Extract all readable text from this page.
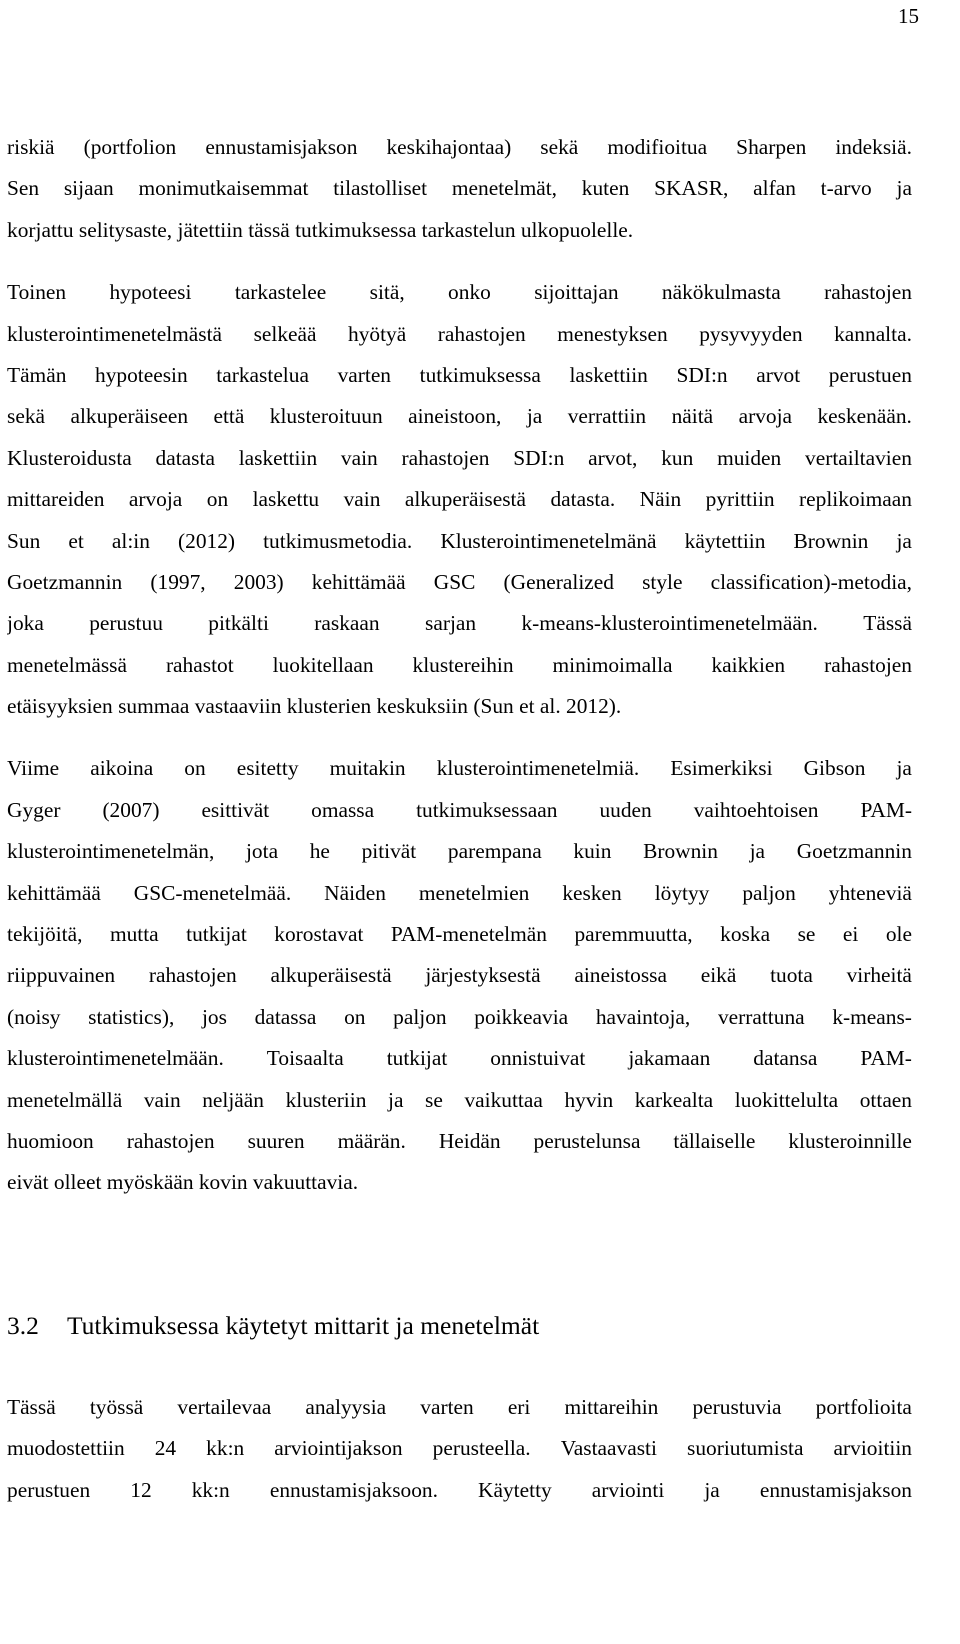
15
riskiä (portfolion ennustamisjakson keskihajontaa) sekä modifioitua Sharpen indeksiä.
Sen sijaan monimutkaisemmat tilastolliset menetelmät, kuten SKASR, alfan t-arvo ja
korjattu selitysaste, jätettiin tässä tutkimuksessa tarkastelun ulkopuolelle.
Toinen hypoteesi tarkastelee sitä, onko sijoittajan näkökulmasta rahastojen
klusterointimenetelmästä selkeää hyötyä rahastojen menestyksen pysyvyyden kannalta.
Tämän hypoteesin tarkastelua varten tutkimuksessa laskettiin SDI:n arvot perustuen
sekä alkuperäiseen että klusteroituun aineistoon, ja verrattiin näitä arvoja keskenään.
Klusteroidusta datasta laskettiin vain rahastojen SDI:n arvot, kun muiden vertailtavien
mittareiden arvoja on laskettu vain alkuperäisestä datasta. Näin pyrittiin replikoimaan
Sun et al:in (2012) tutkimusmetodia. Klusterointimenetelmänä käytettiin Brownin ja
Goetzmannin (1997, 2003) kehittämää GSC (Generalized style classification)-metodia,
joka perustuu pitkälti raskaan sarjan k-means-klusterointimenetelmään. Tässä
menetelmässä rahastot luokitellaan klustereihin minimoimalla kaikkien rahastojen
etäisyyksien summaa vastaaviin klusterien keskuksiin (Sun et al. 2012).
Viime aikoina on esitetty muitakin klusterointimenetelmiä. Esimerkiksi Gibson ja
Gyger (2007) esittivät omassa tutkimuksessaan uuden vaihtoehtoisen PAM-
klusterointimenetelmän, jota he pitivät parempana kuin Brownin ja Goetzmannin
kehittämää GSC-menetelmää. Näiden menetelmien kesken löytyy paljon yhteneviä
tekijöitä, mutta tutkijat korostavat PAM-menetelmän paremmuutta, koska se ei ole
riippuvainen rahastojen alkuperäisestä järjestyksestä aineistossa eikä tuota virheitä
(noisy statistics), jos datassa on paljon poikkeavia havaintoja, verrattuna k-means-
klusterointimenetelmään. Toisaalta tutkijat onnistuivat jakamaan datansa PAM-
menetelmällä vain neljään klusteriin ja se vaikuttaa hyvin karkealta luokittelulta ottaen
huomioon rahastojen suuren määrän. Heidän perustelunsa tällaiselle klusteroinnille
eivät olleet myöskään kovin vakuuttavia.
3.2	Tutkimuksessa käytetyt mittarit ja menetelmät
Tässä työssä vertailevaa analyysia varten eri mittareihin perustuvia portfolioita
muodostettiin 24 kk:n arviointijakson perusteella. Vastaavasti suoriutumista arvioitiin
perustuen 12 kk:n ennustamisjaksoon. Käytetty arviointi ja ennustamisjakson
